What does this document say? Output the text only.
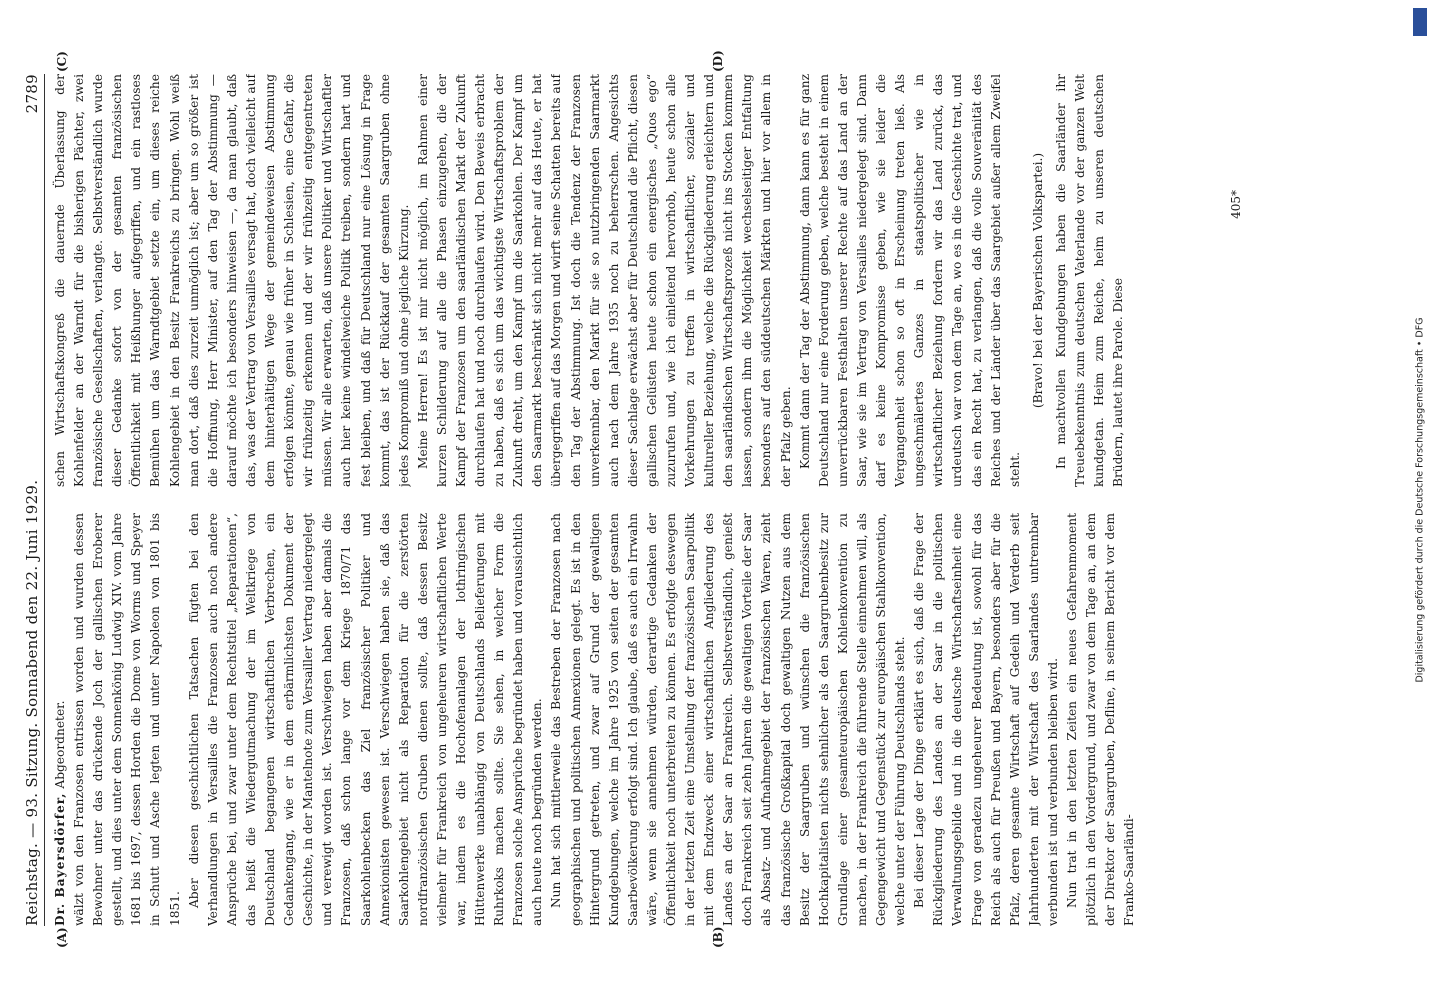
Reichstag. — 93. Sitzung. Sonnabend den 22. Juni 1929.
2789
(A)	(B)

Dr. Bayersdörfer, Abgeordneter. wälzt von den Franzosen entrissen worden und wurden dessen Bewohner unter das drückende Joch der gallischen Eroberer gestellt, und dies unter dem Sonnenkönig Ludwig XIV. vom Jahre 1681 bis 1697, dessen Horden die Dome von Worms und Speyer in Schutt und Asche legten und unter Napoleon von 1801 bis 1851.

Aber diesen geschichtlichen Tatsachen fügten bei den Verhandlungen in Versailles die Franzosen auch noch andere Ansprüche bei, und zwar unter dem Rechtstitel „Reparationen“, das heißt die Wiedergutmachung der im Weltkriege von Deutschland begangenen wirtschaftlichen Verbrechen, ein Gedankengang, wie er in dem erbärmlichsten Dokument der Geschichte, in der Mantelnote zum Versailler Vertrag niedergelegt und verewigt worden ist. Verschwiegen haben aber damals die Franzosen, daß schon lange vor dem Kriege 1870/71 das Saarkohlenbecken das Ziel französischer Politiker und Annexionisten gewesen ist. Verschwiegen haben sie, daß das Saarkohlengebiet nicht als Reparation für die zerstörten nordfranzösischen Gruben dienen sollte, daß dessen Besitz vielmehr für Frankreich von ungeheuren wirtschaftlichen Werte war, indem es die Hochofenanlagen der lothringischen Hüttenwerke unabhängig von Deutschlands Belieferungen mit Ruhrkoks machen sollte. Sie sehen, in welcher Form die Franzosen solche Ansprüche begründet haben und voraussichtlich auch heute noch begründen werden. Nun hat sich mittlerweile das Bestreben der Franzosen nach geographischen und politischen Annexionen gelegt. Es ist in den Hintergrund getreten, und zwar auf Grund der gewaltigen Kundgebungen, welche im Jahre 1925 von seiten der gesamten Saarbevölkerung erfolgt sind. Ich glaube, daß es auch ein Irrwahn wäre, wenn sie annehmen würden, derartige Gedanken der Öffentlichkeit noch unterbreiten zu können. Es erfolgte deswegen in der letzten Zeit eine Umstellung der französischen Saarpolitik mit dem Endzweck einer wirtschaftlichen Angliederung des Landes an der Saar an Frankreich. Selbstverständlich, genießt doch Frankreich seit zehn Jahren die gewaltigen Vorteile der Saar als Absatz- und Aufnahmegebiet der französischen Waren, zieht das französische Großkapital doch gewaltigen Nutzen aus dem Besitz der Saargruben und wünschen die französischen Hochkapitalisten nichts sehnlicher als den Saargrubenbesitz zur Grundlage einer gesamteuropäischen Kohlenkonvention zu machen, in der Frankreich die führende Stelle einnehmen will, als Gegengewicht und Gegenstück zur europäischen Stahlkonvention, welche unter der Führung Deutschlands steht. Bei dieser Lage der Dinge erklärt es sich, daß die Frage der Rückgliederung des Landes an der Saar in die politischen Verwaltungsgebilde und in die deutsche Wirtschaftseinheit eine Frage von geradezu ungeheurer Bedeutung ist, sowohl für das Reich als auch für Preußen und Bayern, besonders aber für die Pfalz, deren gesamte Wirtschaft auf Gedeih und Verderb seit Jahrhunderten mit der Wirtschaft des Saarlandes untrennbar verbunden ist und verbunden bleiben wird. Nun trat in den letzten Zeiten ein neues Gefahrenmoment plötzlich in den Vordergrund, und zwar von dem Tage an, an dem der Direktor der Saargruben, Defline, in seinem Bericht vor dem Franko-Saarländi-

schen Wirtschaftskongreß die dauernde Überlassung der Kohlenfelder an der Warndt für die bisherigen Pächter, zwei französische Gesellschaften, verlangte. Selbstverständlich wurde dieser Gedanke sofort von der gesamten französischen Öffentlichkeit mit Heißhunger aufgegriffen, und ein rastloses Bemühen um das Warndtgebiet setzte ein, um dieses reiche Kohlengebiet in den Besitz Frankreichs zu bringen. Wohl weiß man dort, daß dies zurzeit unmöglich ist; aber um so größer ist die Hoffnung, Herr Minister, auf den Tag der Abstimmung — darauf möchte ich besonders hinweisen —, da man glaubt, daß das, was der Vertrag von Versailles versagt hat, doch vielleicht auf dem hinterhältigen Wege der gemeindeweisen Abstimmung erfolgen könnte, genau wie früher in Schlesien, eine Gefahr, die wir frühzeitig erkennen und der wir frühzeitig entgegentreten müssen. Wir alle erwarten, daß unsere Politiker und Wirtschaftler auch hier keine windelweiche Politik treiben, sondern hart und fest bleiben, und daß für Deutschland nur eine Lösung in Frage kommt, das ist der Rückkauf der gesamten Saargruben ohne jedes Kompromiß und ohne jegliche Kürzung. Meine Herren! Es ist mir nicht möglich, im Rahmen einer kurzen Schilderung auf alle die Phasen einzugehen, die der Kampf der Franzosen um den saarländischen Markt der Zukunft durchlaufen hat und noch durchlaufen wird. Den Beweis erbracht zu haben, daß es sich um das wichtigste Wirtschaftsproblem der Zukunft dreht, um den Kampf um die Saarkohlen. Der Kampf um den Saarmarkt beschränkt sich nicht mehr auf das Heute, er hat übergegriffen auf das Morgen und wirft seine Schatten bereits auf den Tag der Abstimmung. Ist doch die Tendenz der Franzosen unverkennbar, den Markt für sie so nutzbringenden Saarmarkt auch nach dem Jahre 1935 noch zu beherrschen. Angesichts dieser Sachlage erwächst aber für Deutschland die Pflicht, diesen gallischen Gelüsten heute schon ein energisches „Quos ego“ zuzurufen und, wie ich einleitend hervorhob, heute schon alle Vorkehrungen zu treffen in wirtschaftlicher, sozialer und kultureller Beziehung, welche die Rückgliederung erleichtern und den saarländischen Wirtschaftsprozeß nicht ins Stocken kommen lassen, sondern ihm die Möglichkeit wechselseitiger Entfaltung besonders auf den süddeutschen Märkten und hier vor allem in der Pfalz geben. Kommt dann der Tag der Abstimmung, dann kann es für ganz Deutschland nur eine Forderung geben, welche besteht in einem unverrückbaren Festhalten unserer Rechte auf das Land an der Saar, wie sie im Vertrag von Versailles niedergelegt sind. Dann darf es keine Kompromisse geben, wie sie leider die Vergangenheit schon so oft in Erscheinung treten ließ. Als ungeschmälertes Ganzes in staatspolitischer wie in wirtschaftlicher Beziehung fordern wir das Land zurück, das urdeutsch war von dem Tage an, wo es in die Geschichte trat, und das ein Recht hat, zu verlangen, daß die volle Souveränität des Reiches und der Länder über das Saargebiet außer allem Zweifel steht.

(Bravo! bei der Bayerischen Volkspartei.) In machtvollen Kundgebungen haben die Saarländer ihr Treuebekenntnis zum deutschen Vaterlande vor der ganzen Welt kundgetan. Heim zum Reiche, heim zu unseren deutschen Brüdern, lautet ihre Parole. Diese

(C)	(D)
405*
Digitalisierung gefördert durch die Deutsche Forschungsgemeinschaft • DFG
